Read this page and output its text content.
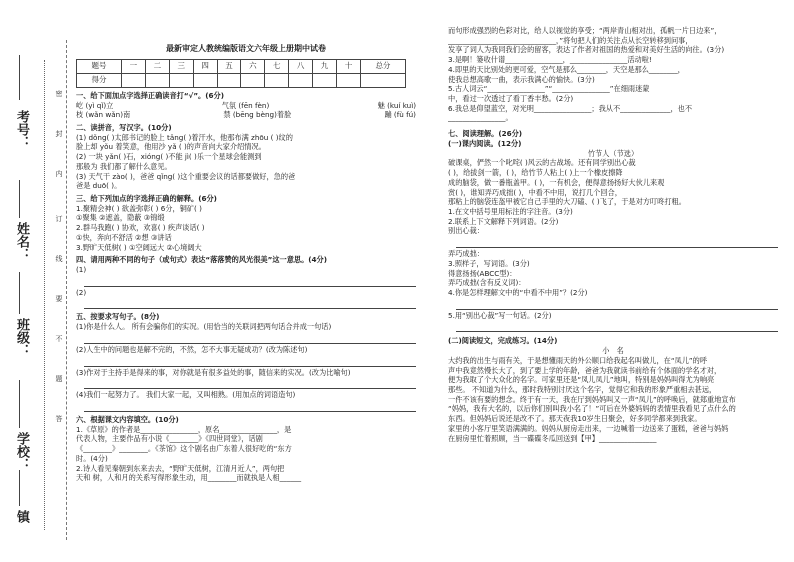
考号：
姓名：
班级：
学校：
镇
内
订
线
要
不
题
答
封
密
最新审定人教统编版语文六年级上册期中试卷
题号	一	二	三	四	五	六	七	八	九	十	总分
得分											
一、给下面加点字选择正确读音打“√”。(6分)
屹 (yì qǐ)立	气氛 (fēn fèn)	魅 (kuí kuì)
枝 (wǎn wǎn)南	禁 (bēng bèng)着脸	蹦 (fù fú)
二、读拼音，写汉字。(10分)
(1) dǒng( )太郎书记的脸上 tǎng( )着汗水，他那布满 zhōu ( )纹的
脸上却 yǒu 着笑意，他用沙 yǎ ( )的声音向大家介绍情况。
(2) 一块 yǎn( )石，xióng( )不能 jì( )乐一个星球会能测到
那般为 我们都了解什么意见。
(3) 天气干 zào( )，爸爸 qǐng( )这个重要会议的话都要做好，急的爸
爸是 duō( )。
三、给下列加点的字选择正确的解释。(6分)
1.聚精会神( ) 欲盖弥彰( ) 6分，铜矿( )
①聚集 ②遮盖，隐蔽 ③锦缎
2.群马我跑( ) 协欢，欢喜( ) 疾声谈话( )
①快，奔向不舒活 ②想 ③讲话
3.野旷天低树( ) ①空阔远大 ②心境阔大
四、请用两种不同的句子（或句式）表达“落落赞的风光很美”这一意思。(4分)
(1)
(2)
五、按要求写句子。(8分)
(1)你是什么人。 所有会骗你们的实况。(用恰当的关联词把两句话合并成一句话)
(2)人生中的问题也是解不完的，不然，怎不大事无疑成功？(改为陈述句)
(3)作对于主持手是得来的事，对你就是有很多益处的事，随信来的实况。(改为比喻句)
(4)我们一起努力了。 我们大家一起，又叫相熟。(用加点的词语造句)
六、根据课文内容填空。(10分)
1.《草原》的作者是________________，原名________________，是
代表人物，主要作品有小说《________》《四世同堂》，话剧
《________》________。《茶馆》这个剧名由广东着人很好吃的“东方
时。(4分)
2.诗人看见秦朝到东来去去，“野旷天低树，江清月近人”，两句把
天和 树，人和月的关系写得形象生动，用________而就执是人相______
而句形成强烈的色彩对比，给人以视觉的享受；“两岸青山相对出，孤帆一片日边来”，
______________________________，”将句把人们的关注点从长空转移到问事，
发享了词人为我同我们会的留客，表达了作者对祖国的热爱和对美好生活的向往。(3分)
3.是啊！篓收什谱________________，________________活动啦!
4.即里的天比别处的更可爱，空气是那么________，天空是那么________，
使我总想高歌一曲，表示我满心的愉快。(3分)
5.古人词云“________________”“________________”在细雨迷蒙
中，看过一次透过了看丁香丰愁。(2分)
6.我总是仰望蓝空，对光明________________；我从不______________，也不
________________。
七、阅读理解。(26分)
(一)课内阅读。(12分)
竹节人（节选）
破课桌，俨然一个叱咤( )风云的古战场。还有同学别出心裁
( )，给拔剑一箭，( )，给竹节人粘上( )上一个橡皮擦降
成的脑袋，做一番瓶盖甲。( )，一有机会，便得意扬扬好大伙儿来观
赏( )，谁知弄巧成拙( )，中看不中用，说打几个回合，
那粘上的脑袋连盔甲被它自己手里的大刀磕、( )飞了，于是对方叮咚打粗。
1.在文中括号里用标注的字注音。(3分)
2.联系上下文解释下列词语。(2分)
别出心裁：
弄巧成拙：
3.照样子，写词语。(3分)
得意扬扬(ABCC型)：
弄巧成拙(含有反义词)：
4.你是怎样理解文中的“中看不中用”？(2分)
5.用“别出心裁”写一句话。(2分)
(二)阅读短文，完成练习。(14分)
小　名
大约我的出生与雨有关，于是想懂雨天的外公顺口给我起名叫做儿，在“凤儿”的呼
声中我竟然慢长大了，到了要上学的年龄，爸爸为我就读书前给有个体面的学名才对，
便为我取了个大众化的名字。可家里还是“凤儿凤儿”地叫，特别是妈妈叫得尤为响亮
那些。 不知道为什么，那时我特别讨厌这个名字，觉得它和我的形象严重相去甚远，
一件不该有要的想念。终于有一天，我在厅到妈妈叫又一声“凤儿”的呼唤后，就郑重地宣布
“妈妈，我有大名的，以后你们别叫我小名了！”可后在外婆妈妈的表情里我看见了点什么的
东西。但妈妈后说还是改不了。那天夜我10岁生日聚会，好多同学都来到我家。
家里的小客厅里笑语满满的。妈妈从厨房走出来，一边喊着一边送来了蛋糕，爸爸与妈妈
在厨房里忙着照顾，当一碟碟冬瓜回送到【甲】________________
